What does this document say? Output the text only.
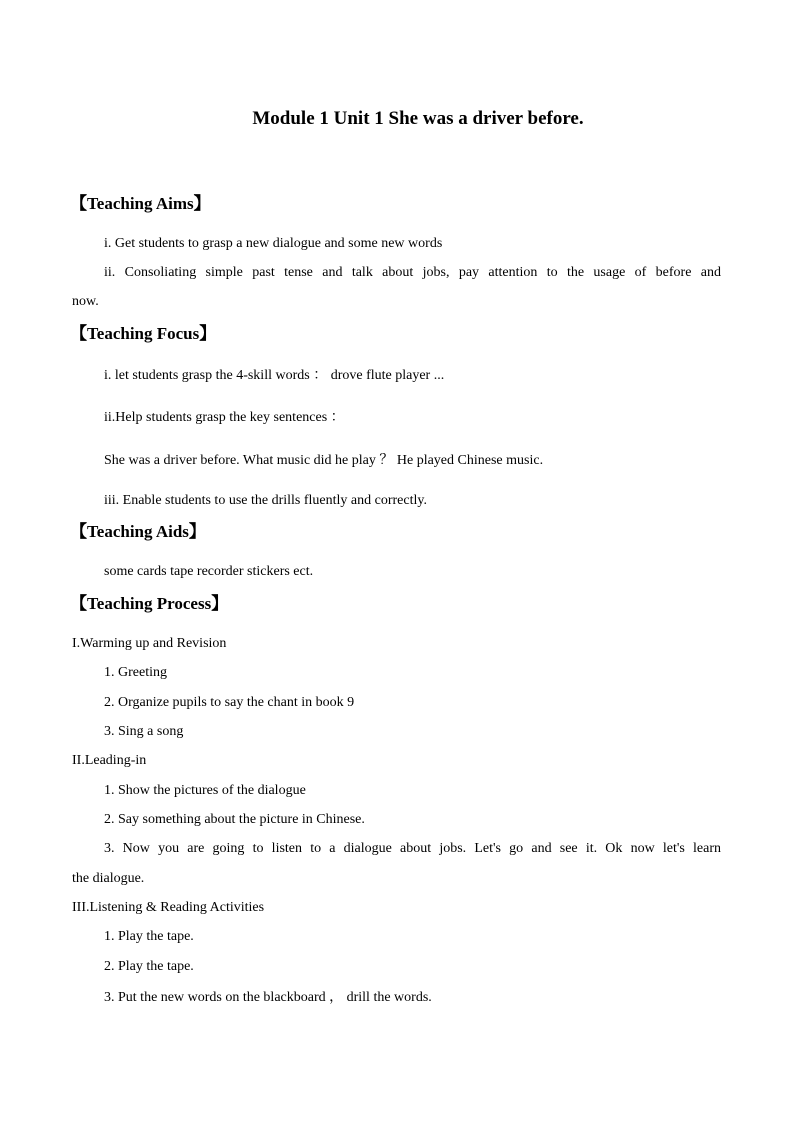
Module 1 Unit 1 She was a driver before.
【Teaching Aims】
i. Get students to grasp a new dialogue and some new words
ii. Consoliating simple past tense and talk about jobs, pay attention to the usage of before and
now.
【Teaching Focus】
i. let students grasp the 4-skill words ： drove flute player ...
ii.Help students grasp the key sentences ：
She was a driver before. What music did he play ？ He played Chinese music.
iii. Enable students to use the drills fluently and correctly.
【Teaching Aids】
some cards tape recorder stickers ect.
【Teaching Process】
I.Warming up and Revision
1. Greeting
2. Organize pupils to say the chant in book 9
3. Sing a song
II.Leading-in
1. Show the pictures of the dialogue
2. Say something about the picture in Chinese.
3. Now you are going to listen to a dialogue about jobs. Let's go and see it. Ok now let's learn
the dialogue.
III.Listening & Reading Activities
1. Play the tape.
2. Play the tape.
3. Put the new words on the blackboard ， drill the words.
